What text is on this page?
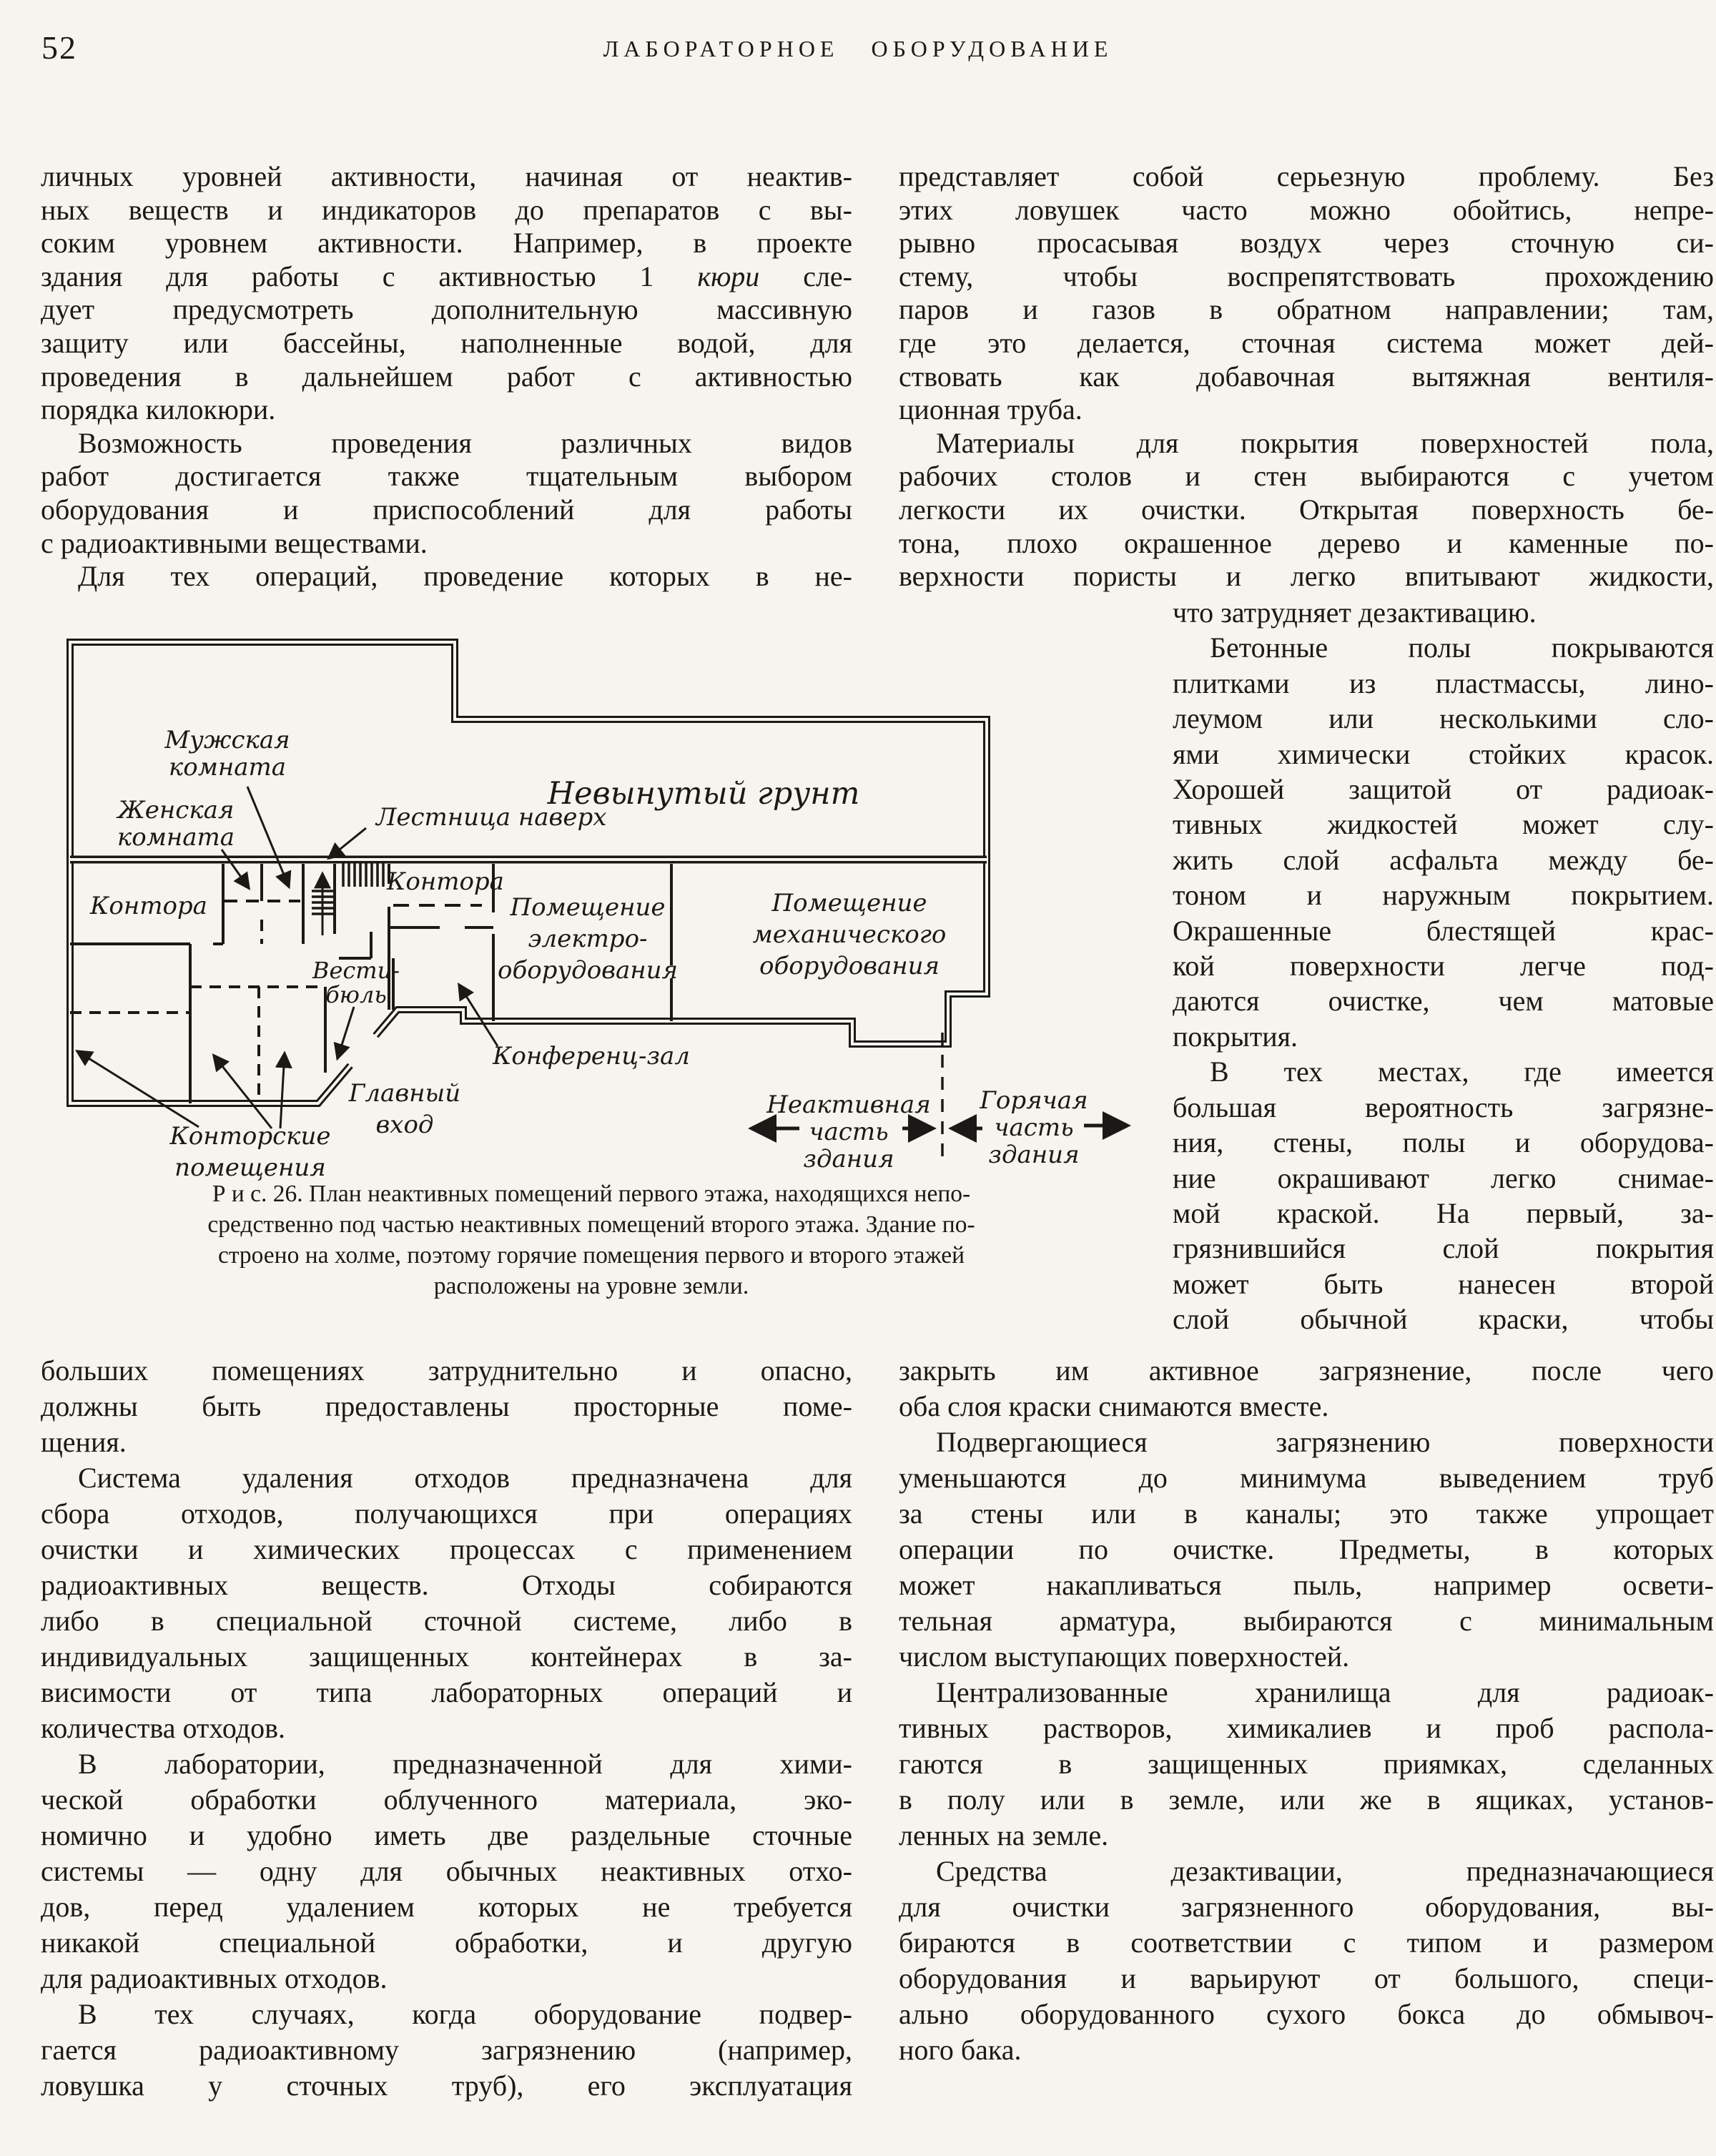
52	ЛАБОРАТОРНОЕ ОБОРУДОВАНИЕ
личных уровней активности, начиная от неактив-
ных веществ и индикаторов до препаратов с вы-
соким уровнем активности. Например, в проекте
здания для работы с активностью 1 кюри сле-
дует предусмотреть дополнительную массивную
защиту или бассейны, наполненные водой, для
проведения в дальнейшем работ с активностью
порядка килокюри.
Возможность проведения различных видов
работ достигается также тщательным выбором
оборудования и приспособлений для работы
с радиоактивными веществами.
Для тех операций, проведение которых в не-
представляет собой серьезную проблему. Без
этих ловушек часто можно обойтись, непре-
рывно просасывая воздух через сточную си-
стему, чтобы воспрепятствовать прохождению
паров и газов в обратном направлении; там,
где это делается, сточная система может дей-
ствовать как добавочная вытяжная вентиля-
ционная труба.
Материалы для покрытия поверхностей пола,
рабочих столов и стен выбираются с учетом
легкости их очистки. Открытая поверхность бе-
тона, плохо окрашенное дерево и каменные по-
верхности пористы и легко впитывают жидкости,
что затрудняет дезактивацию.
Бетонные полы покрываются
плитками из пластмассы, лино-
леумом или несколькими сло-
ями химически стойких красок.
Хорошей защитой от радиоак-
тивных жидкостей может слу-
жить слой асфальта между бе-
тоном и наружным покрытием.
Окрашенные блестящей крас-
кой поверхности легче под-
даются очистке, чем матовые
покрытия.
В тех местах, где имеется
большая вероятность загрязне-
ния, стены, полы и оборудова-
ние окрашивают легко снимае-
мой краской. На первый, за-
грязнившийся слой покрытия
может быть нанесен второй
слой обычной краски, чтобы
больших помещениях затруднительно и опасно,
должны быть предоставлены просторные поме-
щения.
Система удаления отходов предназначена для
сбора отходов, получающихся при операциях
очистки и химических процессах с применением
радиоактивных веществ. Отходы собираются
либо в специальной сточной системе, либо в
индивидуальных защищенных контейнерах в за-
висимости от типа лабораторных операций и
количества отходов.
В лаборатории, предназначенной для хими-
ческой обработки облученного материала, эко-
номично и удобно иметь две раздельные сточные
системы — одну для обычных неактивных отхо-
дов, перед удалением которых не требуется
никакой специальной обработки, и другую
для радиоактивных отходов.
В тех случаях, когда оборудование подвер-
гается радиоактивному загрязнению (например,
ловушка у сточных труб), его эксплуатация
закрыть им активное загрязнение, после чего
оба слоя краски снимаются вместе.
Подвергающиеся загрязнению поверхности
уменьшаются до минимума выведением труб
за стены или в каналы; это также упрощает
операции по очистке. Предметы, в которых
может накапливаться пыль, например освети-
тельная арматура, выбираются с минимальным
числом выступающих поверхностей.
Централизованные хранилища для радиоак-
тивных растворов, химикалиев и проб распола-
гаются в защищенных приямках, сделанных
в полу или в земле, или же в ящиках, установ-
ленных на земле.
Средства дезактивации, предназначающиеся
для очистки загрязненного оборудования, вы-
бираются в соответствии с типом и размером
оборудования и варьируют от большого, специ-
ально оборудованного сухого бокса до обмывоч-
ного бака.
Р и с. 26. План неактивных помещений первого этажа, находящихся непо-
средственно под частью неактивных помещений второго этажа. Здание по-
строено на холме, поэтому горячие помещения первого и второго этажей
расположены на уровне земли.
Невынутый грунт
Мужская
комната
Женская
комната
Лестница наверх
Контора
Контора
Помещение
электро-
оборудования
Помещение
механического
оборудования
Вести-
бюль
Главный
вход
Конференц-зал
Конторские
помещения
Неактивная
часть
здания
Горячая
часть
здания
